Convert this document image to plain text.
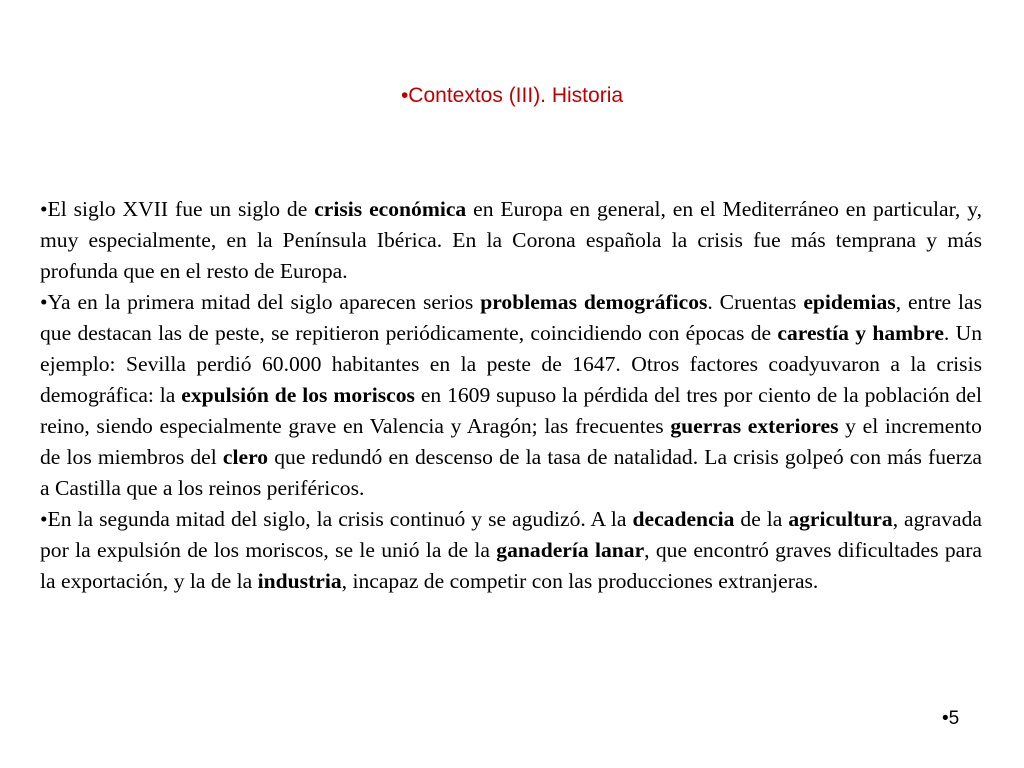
•Contextos (III). Historia

•El siglo XVII fue un siglo de crisis económica en Europa en general, en el Mediterráneo en particular, y, muy especialmente, en la Península Ibérica. En la Corona española la crisis fue más temprana y más profunda que en el resto de Europa.

•Ya en la primera mitad del siglo aparecen serios problemas demográficos. Cruentas epidemias, entre las que destacan las de peste, se repitieron periódicamente, coincidiendo con épocas de carestía y hambre. Un ejemplo: Sevilla perdió 60.000 habitantes en la peste de 1647. Otros factores coadyuvaron a la crisis demográfica: la expulsión de los moriscos en 1609 supuso la pérdida del tres por ciento de la población del reino, siendo especialmente grave en Valencia y Aragón; las frecuentes guerras exteriores y el incremento de los miembros del clero que redundó en descenso de la tasa de natalidad. La crisis golpeó con más fuerza a Castilla que a los reinos periféricos.

•En la segunda mitad del siglo, la crisis continuó y se agudizó. A la decadencia de la agricultura, agravada por la expulsión de los moriscos, se le unió la de la ganadería lanar, que encontró graves dificultades para la exportación, y la de la industria, incapaz de competir con las producciones extranjeras.

•5
